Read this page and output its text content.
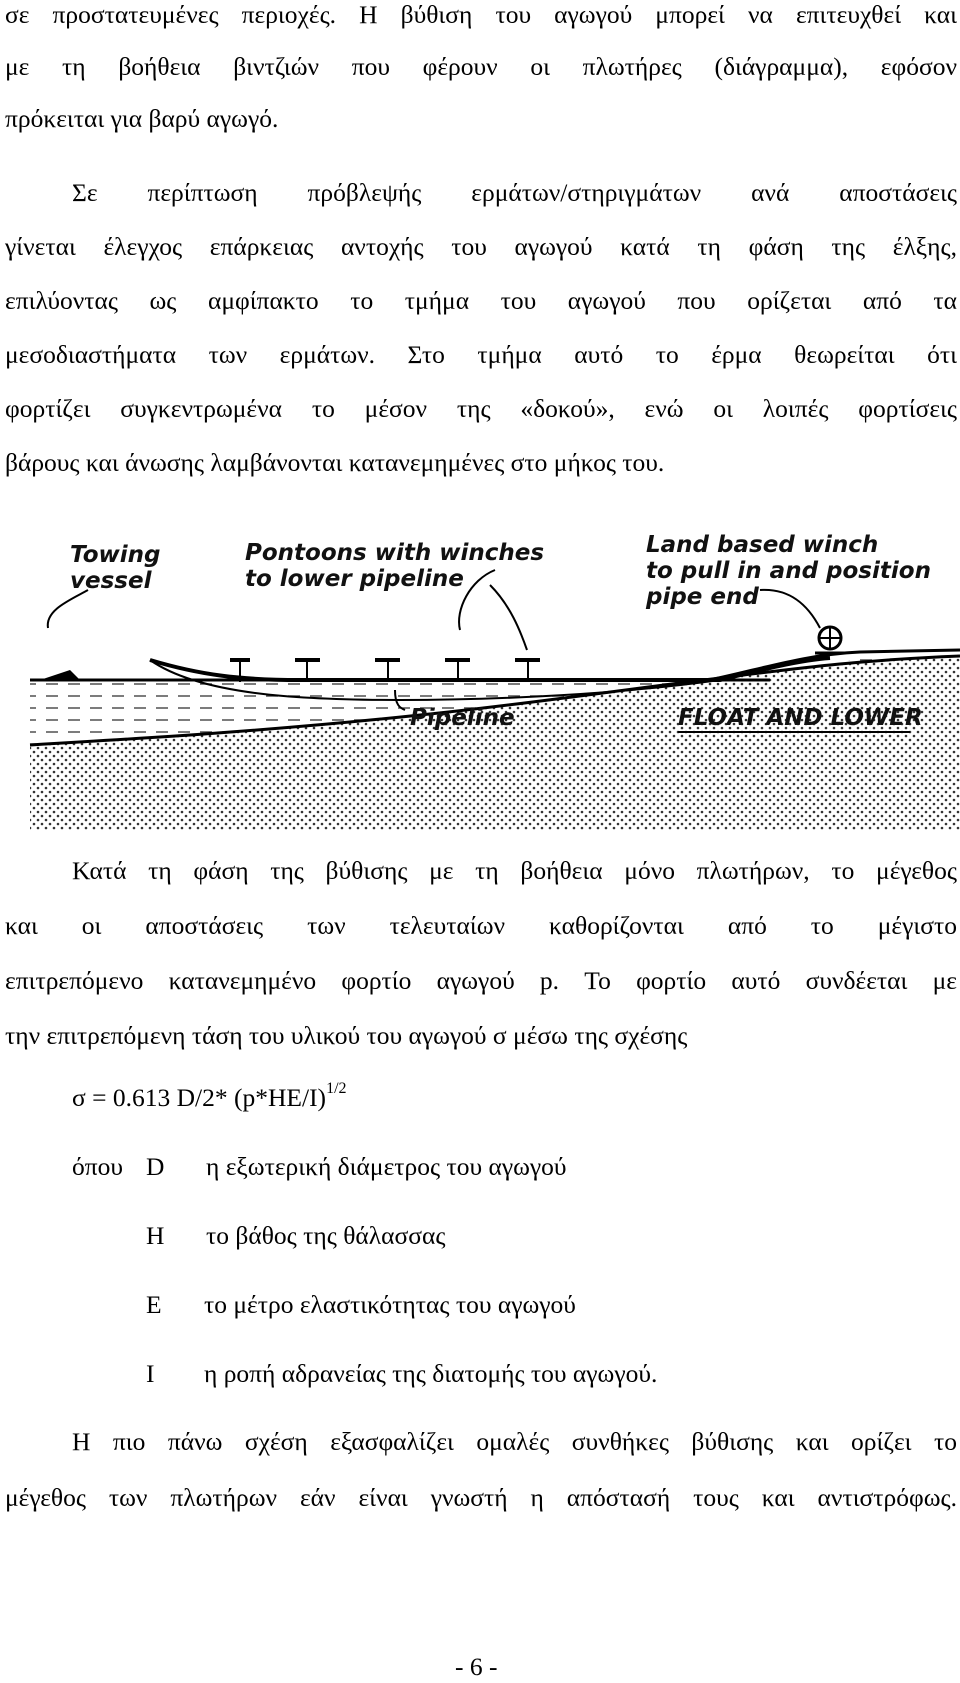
σε προστατευμένες περιοχές. Η βύθιση του αγωγού μπορεί να επιτευχθεί και
με τη βοήθεια βιντζιών που φέρουν οι πλωτήρες (διάγραμμα), εφόσον
πρόκειται για βαρύ αγωγό.
Σε περίπτωση πρόβλεψής ερμάτων/στηριγμάτων ανά αποστάσεις
γίνεται έλεγχος επάρκειας αντοχής του αγωγού κατά τη φάση της έλξης,
επιλύοντας ως αμφίπακτο το τμήμα του αγωγού που ορίζεται από τα
μεσοδιαστήματα των ερμάτων. Στο τμήμα αυτό το έρμα θεωρείται ότι
φορτίζει συγκεντρωμένα το μέσον της «δοκού», ενώ οι λοιπές φορτίσεις
βάρους και άνωσης λαμβάνονται κατανεμημένες στο μήκος του.
Towing
vessel
Pontoons with winches
to lower pipeline
Land based winch
to pull in and position
pipe end
Pipeline	FLOAT AND LOWER
Κατά τη φάση της βύθισης με τη βοήθεια μόνο πλωτήρων, το μέγεθος
και οι αποστάσεις των τελευταίων καθορίζονται από το μέγιστο
επιτρεπόμενο κατανεμημένο φορτίο αγωγού p. Το φορτίο αυτό συνδέεται με
την επιτρεπόμενη τάση του υλικού του αγωγού σ μέσω της σχέσης
σ = 0.613 D/2* $(p*HE/I)^{1/2}$
όπου D η εξωτερική διάμετρος του αγωγού
H το βάθος της θάλασσας
E το μέτρο ελαστικότητας του αγωγού
I η ροπή αδρανείας της διατομής του αγωγού.
Η πιο πάνω σχέση εξασφαλίζει ομαλές συνθήκες βύθισης και ορίζει το
μέγεθος των πλωτήρων εάν είναι γνωστή η απόστασή τους και αντιστρόφως.
- 6 -
